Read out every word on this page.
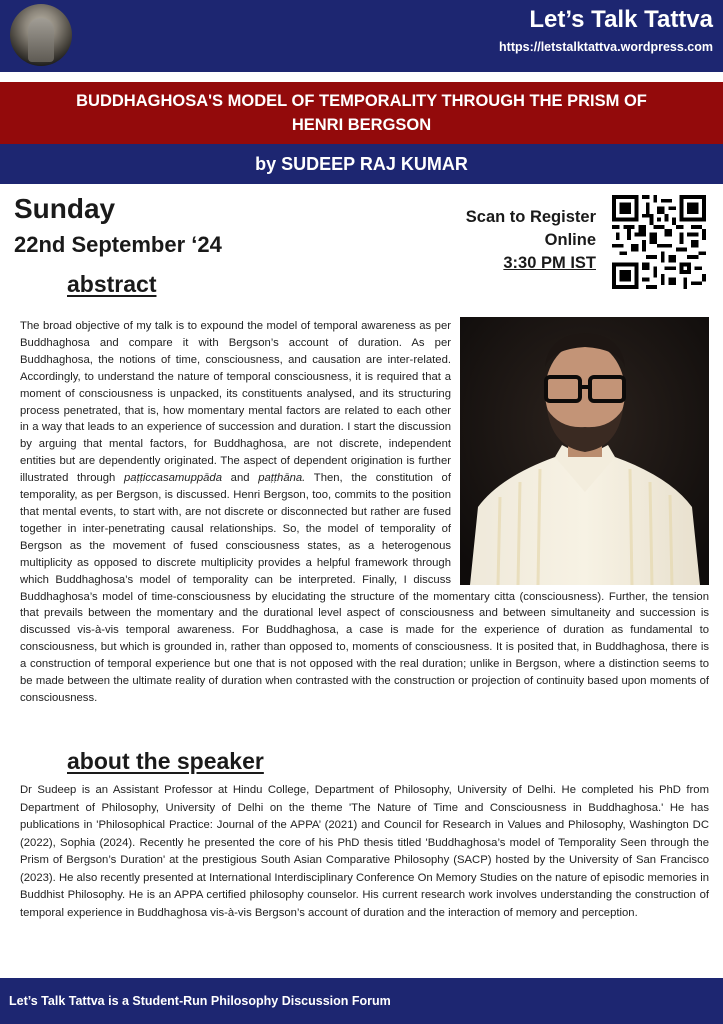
Let’s Talk Tattva
https://letstalktattva.wordpress.com
BUDDHAGHOSA'S MODEL OF TEMPORALITY THROUGH THE PRISM OF HENRI BERGSON
by SUDEEP RAJ KUMAR
Sunday
22nd September ‘24
abstract
Scan to Register
Online
3:30 PM IST
The broad objective of my talk is to expound the model of temporal awareness as per Buddhaghosa and compare it with Bergson’s account of duration. As per Buddhaghosa, the notions of time, consciousness, and causation are inter-related. Accordingly, to understand the nature of temporal consciousness, it is required that a moment of consciousness is unpacked, its constituents analysed, and its structuring process penetrated, that is, how momentary mental factors are related to each other in a way that leads to an experience of succession and duration. I start the discussion by arguing that mental factors, for Buddhaghosa, are not discrete, independent entities but are dependently originated. The aspect of dependent origination is further illustrated through paṭṭiccasamuppāda and paṭṭhāna. Then, the constitution of temporality, as per Bergson, is discussed. Henri Bergson, too, commits to the position that mental events, to start with, are not discrete or disconnected but rather are fused together in inter-penetrating causal relationships. So, the model of temporality of Bergson as the movement of fused consciousness states, as a heterogenous multiplicity as opposed to discrete multiplicity provides a helpful framework through which Buddhaghosa’s model of temporality can be interpreted. Finally, I discuss Buddhaghosa’s model of time-consciousness by elucidating the structure of the momentary citta (consciousness). Further, the tension that prevails between the momentary and the durational level aspect of consciousness and between simultaneity and succession is discussed vis-à-vis temporal awareness. For Buddhaghosa, a case is made for the experience of duration as fundamental to consciousness, but which is grounded in, rather than opposed to, moments of consciousness. It is posited that, in Buddhaghosa, there is a construction of temporal experience but one that is not opposed with the real duration; unlike in Bergson, where a distinction seems to be made between the ultimate reality of duration when contrasted with the construction or projection of continuity based upon moments of consciousness.
about the speaker
Dr Sudeep is an Assistant Professor at Hindu College, Department of Philosophy, University of Delhi. He completed his PhD from Department of Philosophy, University of Delhi on the theme 'The Nature of Time and Consciousness in Buddhaghosa.' He has publications in 'Philosophical Practice: Journal of the APPA’ (2021) and Council for Research in Values and Philosophy, Washington DC (2022), Sophia (2024). Recently he presented the core of his PhD thesis titled 'Buddhaghosa’s model of Temporality Seen through the Prism of Bergson’s Duration' at the prestigious South Asian Comparative Philosophy (SACP) hosted by the University of San Francisco (2023). He also recently presented at International Interdisciplinary Conference On Memory Studies on the nature of episodic memories in Buddhist Philosophy. He is an APPA certified philosophy counselor. His current research work involves understanding the construction of temporal experience in Buddhaghosa vis-à-vis Bergson’s account of duration and the interaction of memory and perception.
Let’s Talk Tattva is a Student-Run Philosophy Discussion Forum
